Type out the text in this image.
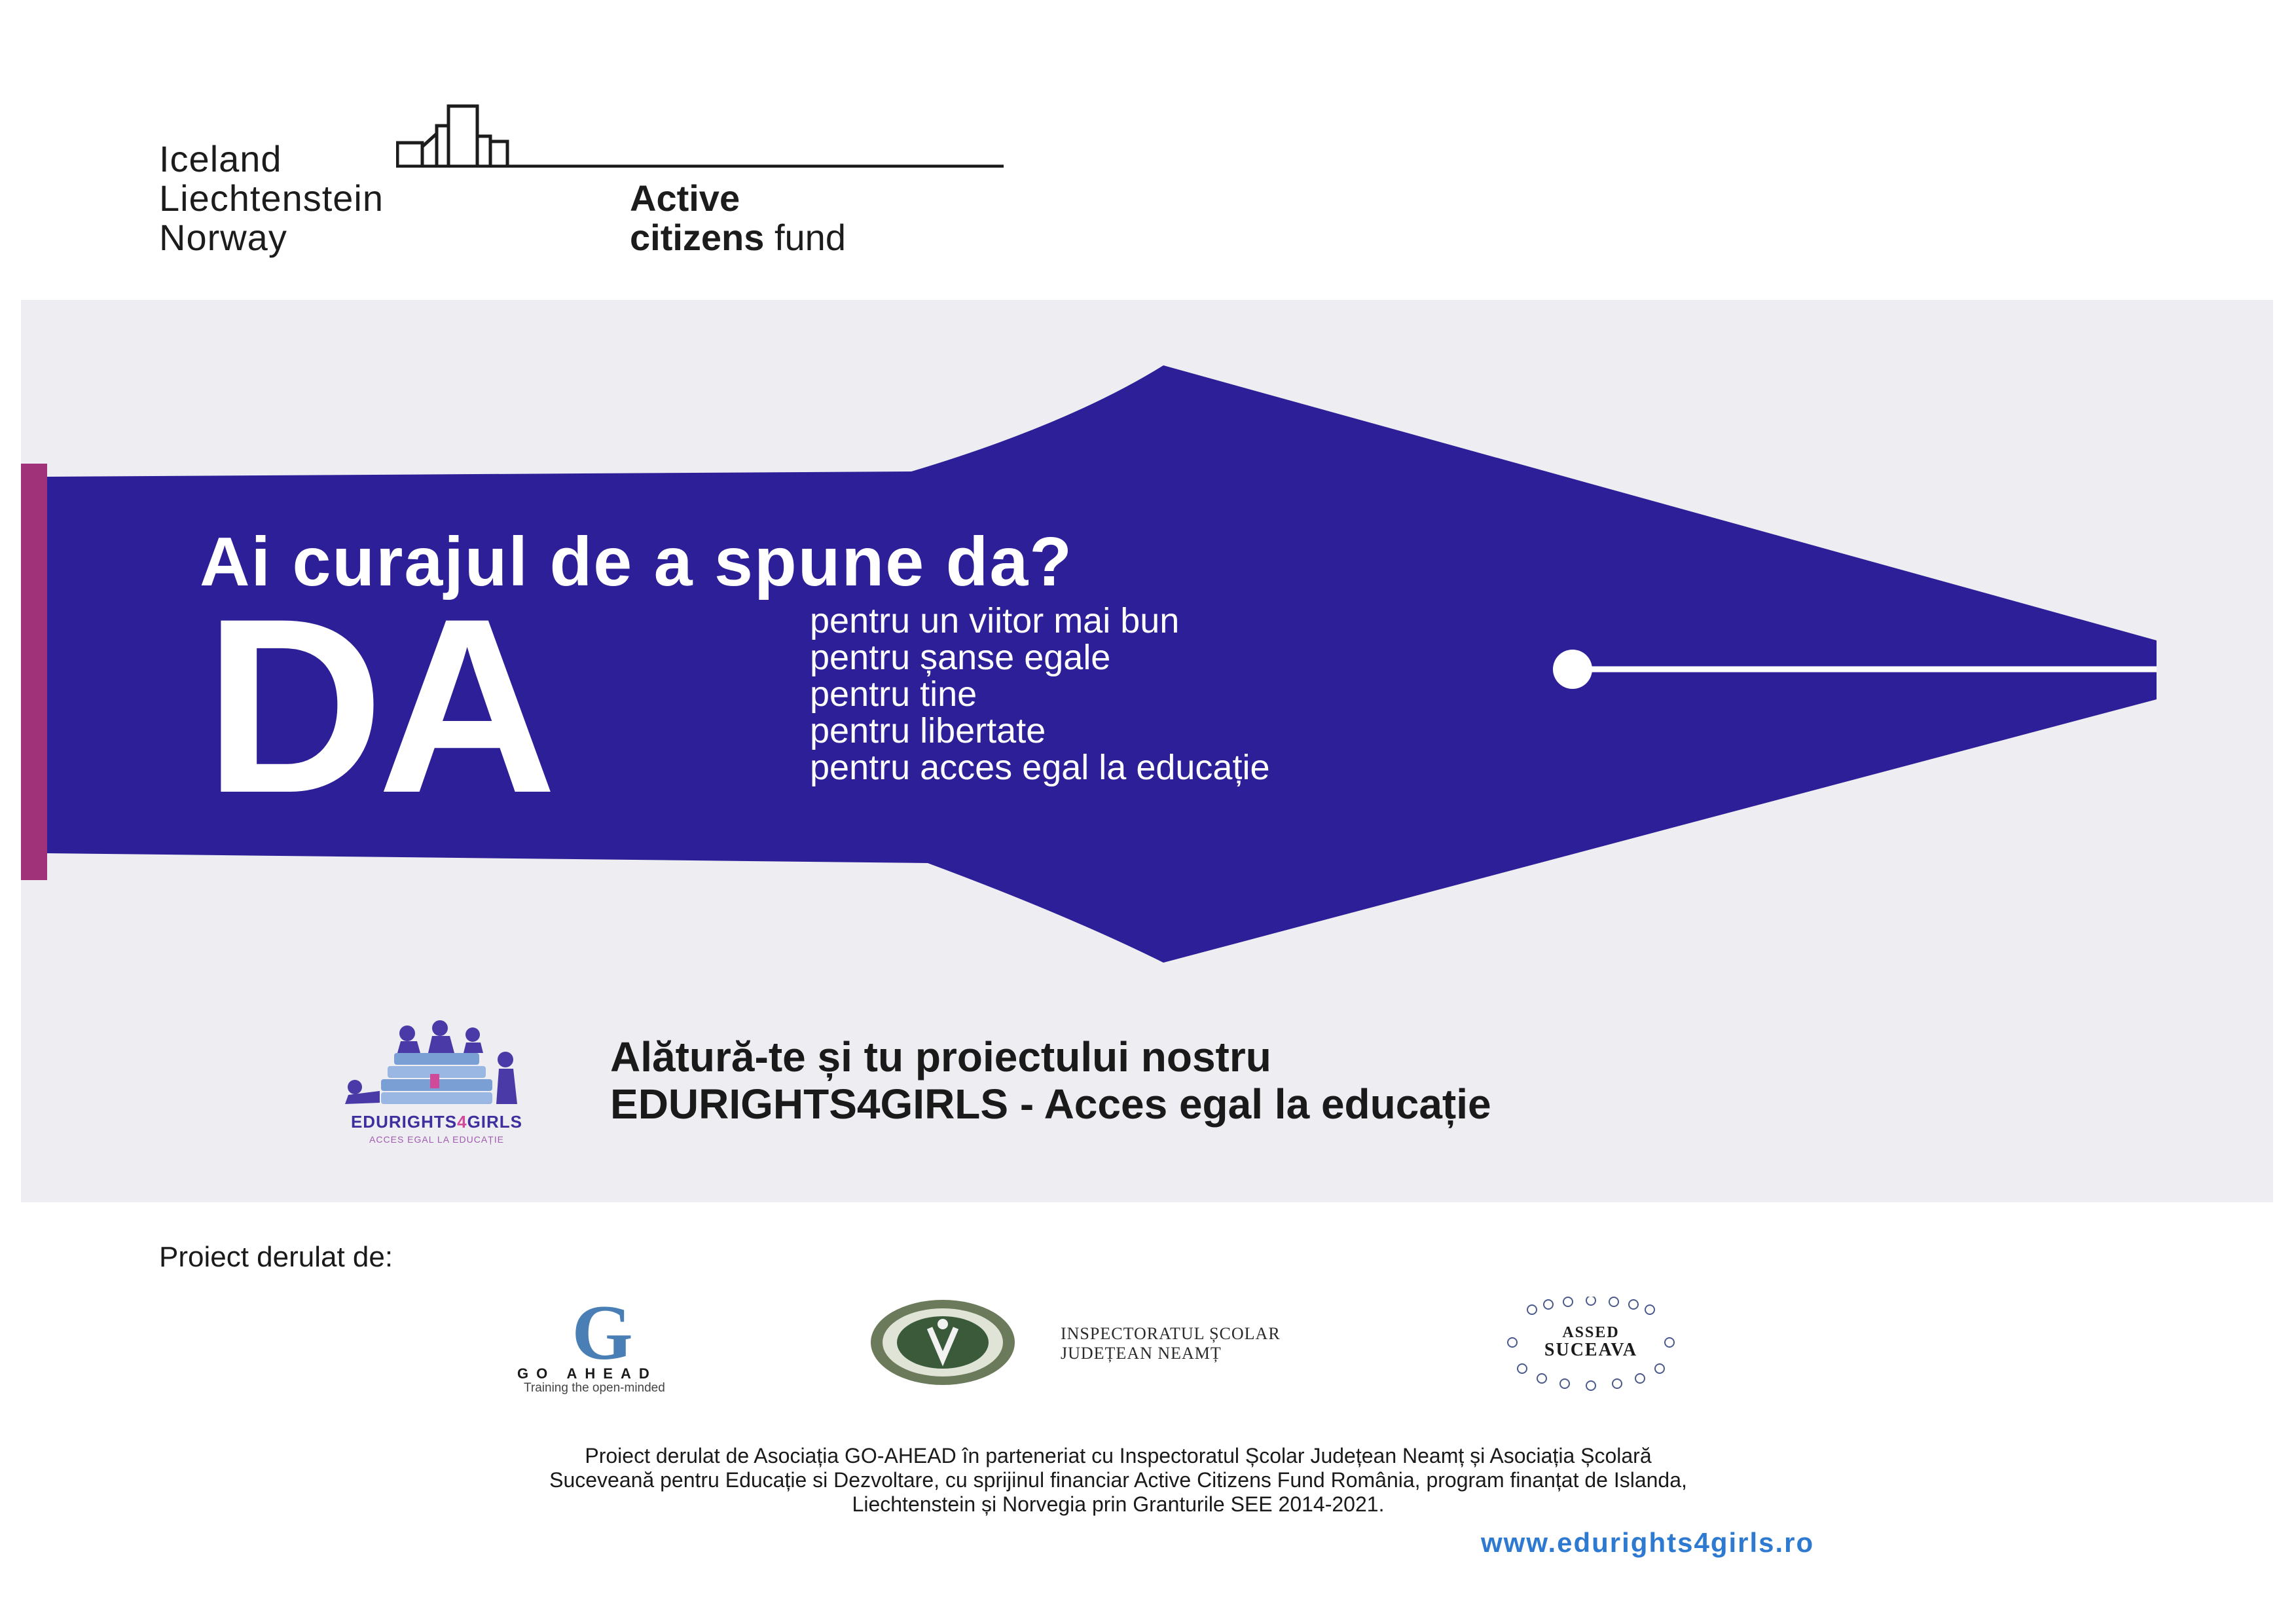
Iceland
Liechtenstein
Norway
Active
citizens fund
Ai curajul de a spune da?
DA	pentru un viitor mai bun
pentru șanse egale
pentru tine
pentru libertate
pentru acces egal la educație
EDURIGHTS4GIRLS
ACCES EGAL LA EDUCAȚIE
Alătură-te și tu proiectului nostru
EDURIGHTS4GIRLS - Acces egal la educație
Proiect derulat de:
G
GO AHEAD
Training the open-minded
INSPECTORATUL ȘCOLAR
JUDEȚEAN NEAMȚ
ASSED
SUCEAVA
Proiect derulat de Asociația GO-AHEAD în parteneriat cu Inspectoratul Școlar Județean Neamț și Asociația Școlară
Suceveană pentru Educație si Dezvoltare, cu sprijinul financiar Active Citizens Fund România, program finanțat de Islanda,
Liechtenstein și Norvegia prin Granturile SEE 2014-2021.
www.edurights4girls.ro
